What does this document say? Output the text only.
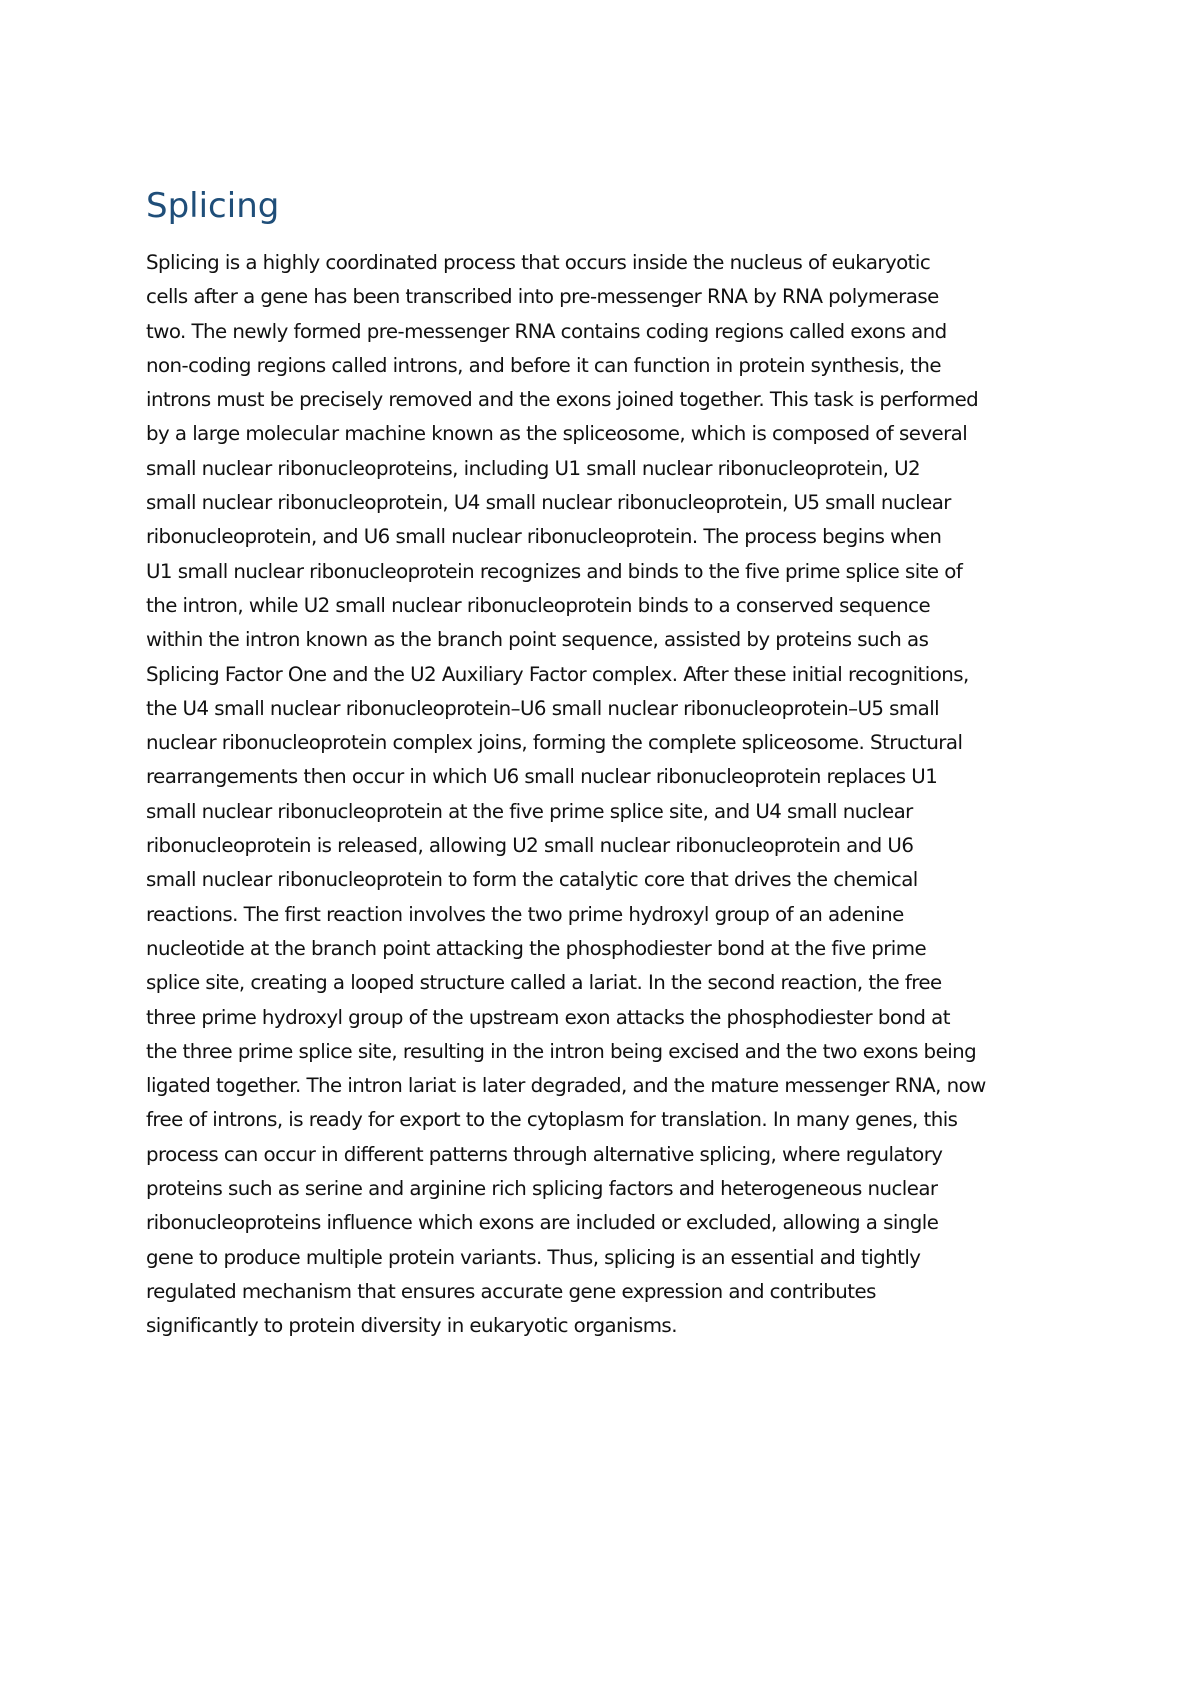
Splicing
Splicing is a highly coordinated process that occurs inside the nucleus of eukaryotic
cells after a gene has been transcribed into pre-messenger RNA by RNA polymerase
two. The newly formed pre-messenger RNA contains coding regions called exons and
non-coding regions called introns, and before it can function in protein synthesis, the
introns must be precisely removed and the exons joined together. This task is performed
by a large molecular machine known as the spliceosome, which is composed of several
small nuclear ribonucleoproteins, including U1 small nuclear ribonucleoprotein, U2
small nuclear ribonucleoprotein, U4 small nuclear ribonucleoprotein, U5 small nuclear
ribonucleoprotein, and U6 small nuclear ribonucleoprotein. The process begins when
U1 small nuclear ribonucleoprotein recognizes and binds to the five prime splice site of
the intron, while U2 small nuclear ribonucleoprotein binds to a conserved sequence
within the intron known as the branch point sequence, assisted by proteins such as
Splicing Factor One and the U2 Auxiliary Factor complex. After these initial recognitions,
the U4 small nuclear ribonucleoprotein–U6 small nuclear ribonucleoprotein–U5 small
nuclear ribonucleoprotein complex joins, forming the complete spliceosome. Structural
rearrangements then occur in which U6 small nuclear ribonucleoprotein replaces U1
small nuclear ribonucleoprotein at the five prime splice site, and U4 small nuclear
ribonucleoprotein is released, allowing U2 small nuclear ribonucleoprotein and U6
small nuclear ribonucleoprotein to form the catalytic core that drives the chemical
reactions. The first reaction involves the two prime hydroxyl group of an adenine
nucleotide at the branch point attacking the phosphodiester bond at the five prime
splice site, creating a looped structure called a lariat. In the second reaction, the free
three prime hydroxyl group of the upstream exon attacks the phosphodiester bond at
the three prime splice site, resulting in the intron being excised and the two exons being
ligated together. The intron lariat is later degraded, and the mature messenger RNA, now
free of introns, is ready for export to the cytoplasm for translation. In many genes, this
process can occur in different patterns through alternative splicing, where regulatory
proteins such as serine and arginine rich splicing factors and heterogeneous nuclear
ribonucleoproteins influence which exons are included or excluded, allowing a single
gene to produce multiple protein variants. Thus, splicing is an essential and tightly
regulated mechanism that ensures accurate gene expression and contributes
significantly to protein diversity in eukaryotic organisms.
